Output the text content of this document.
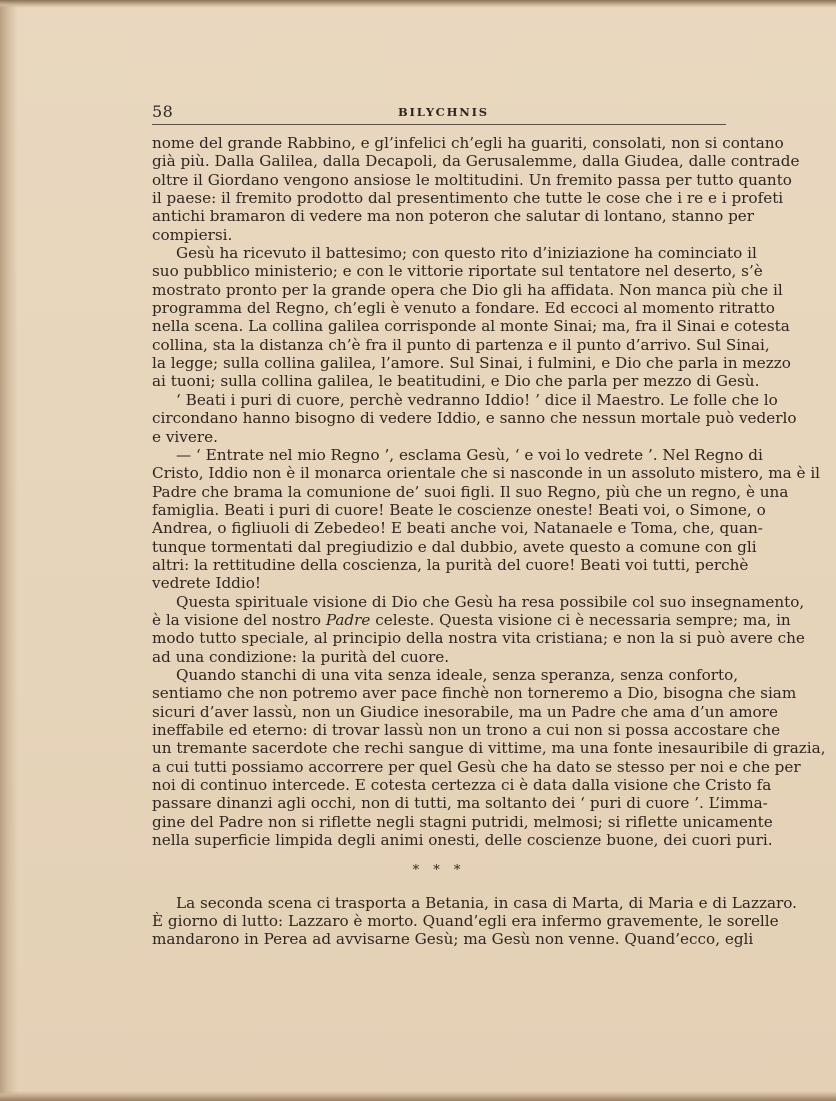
58	BILYCHNIS
nome del grande Rabbino, e gl’infelici ch’egli ha guariti, consolati, non si contano
già più. Dalla Galilea, dalla Decapoli, da Gerusalemme, dalla Giudea, dalle contrade
oltre il Giordano vengono ansiose le moltitudini. Un fremito passa per tutto quanto
il paese: il fremito prodotto dal presentimento che tutte le cose che i re e i profeti
antichi bramaron di vedere ma non poteron che salutar di lontano, stanno per
compiersi.
Gesù ha ricevuto il battesimo; con questo rito d’iniziazione ha cominciato il
suo pubblico ministerio; e con le vittorie riportate sul tentatore nel deserto, s’è
mostrato pronto per la grande opera che Dio gli ha affidata. Non manca più che il
programma del Regno, ch’egli è venuto a fondare. Ed eccoci al momento ritratto
nella scena. La collina galilea corrisponde al monte Sinai; ma, fra il Sinai e cotesta
collina, sta la distanza ch’è fra il punto di partenza e il punto d’arrivo. Sul Sinai,
la legge; sulla collina galilea, l’amore. Sul Sinai, i fulmini, e Dio che parla in mezzo
ai tuoni; sulla collina galilea, le beatitudini, e Dio che parla per mezzo di Gesù.
‘ Beati i puri di cuore, perchè vedranno Iddio! ’ dice il Maestro. Le folle che lo
circondano hanno bisogno di vedere Iddio, e sanno che nessun mortale può vederlo
e vivere.
— ‘ Entrate nel mio Regno ’, esclama Gesù, ‘ e voi lo vedrete ’. Nel Regno di
Cristo, Iddio non è il monarca orientale che si nasconde in un assoluto mistero, ma è il
Padre che brama la comunione de’ suoi figli. Il suo Regno, più che un regno, è una
famiglia. Beati i puri di cuore! Beate le coscienze oneste! Beati voi, o Simone, o
Andrea, o figliuoli di Zebedeo! E beati anche voi, Natanaele e Toma, che, quan-
tunque tormentati dal pregiudizio e dal dubbio, avete questo a comune con gli
altri: la rettitudine della coscienza, la purità del cuore! Beati voi tutti, perchè
vedrete Iddio!
Questa spirituale visione di Dio che Gesù ha resa possibile col suo insegnamento,
è la visione del nostro Padre celeste. Questa visione ci è necessaria sempre; ma, in
modo tutto speciale, al principio della nostra vita cristiana; e non la si può avere che
ad una condizione: la purità del cuore.
Quando stanchi di una vita senza ideale, senza speranza, senza conforto,
sentiamo che non potremo aver pace finchè non torneremo a Dio, bisogna che siam
sicuri d’aver lassù, non un Giudice inesorabile, ma un Padre che ama d’un amore
ineffabile ed eterno: di trovar lassù non un trono a cui non si possa accostare che
un tremante sacerdote che rechi sangue di vittime, ma una fonte inesauribile di grazia,
a cui tutti possiamo accorrere per quel Gesù che ha dato se stesso per noi e che per
noi di continuo intercede. E cotesta certezza ci è data dalla visione che Cristo fa
passare dinanzi agli occhi, non di tutti, ma soltanto dei ‘ puri di cuore ’. L’imma-
gine del Padre non si riflette negli stagni putridi, melmosi; si riflette unicamente
nella superficie limpida degli animi onesti, delle coscienze buone, dei cuori puri.
* * *
La seconda scena ci trasporta a Betania, in casa di Marta, di Maria e di Lazzaro.
È giorno di lutto: Lazzaro è morto. Quand’egli era infermo gravemente, le sorelle
mandarono in Perea ad avvisarne Gesù; ma Gesù non venne. Quand’ecco, egli
